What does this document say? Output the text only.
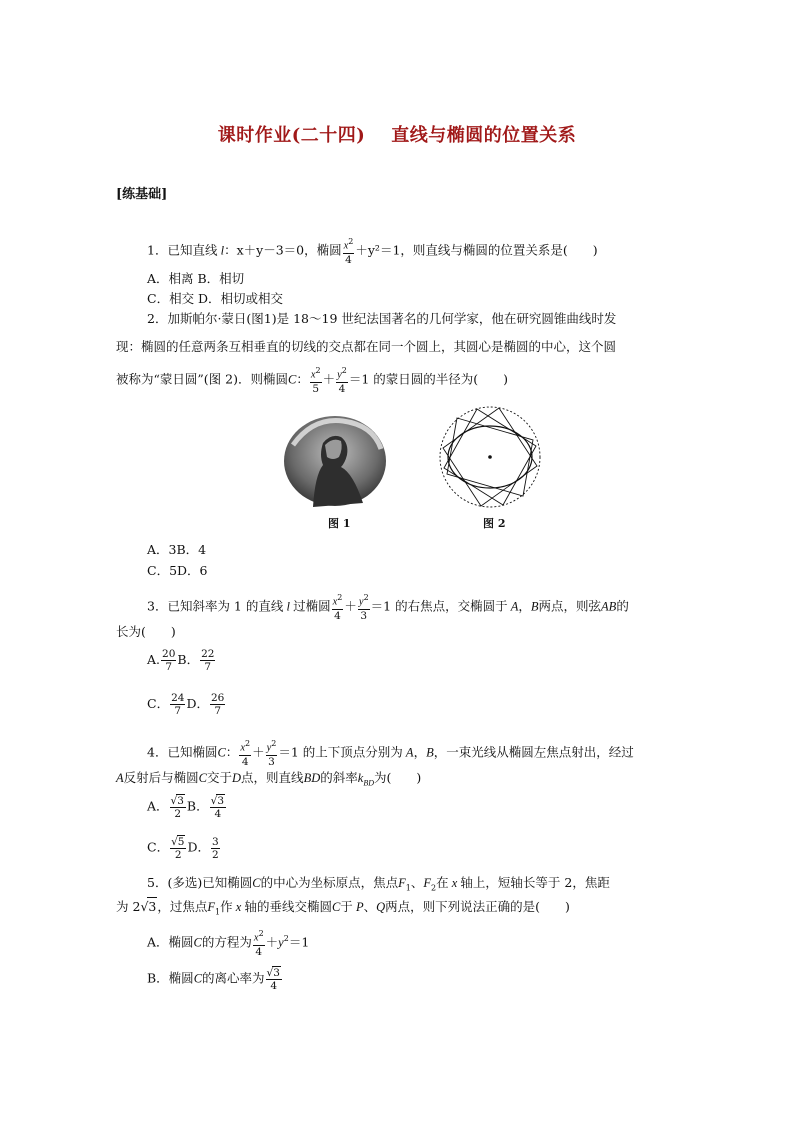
课时作业(二十四) 直线与椭圆的位置关系
[练基础]
1．已知直线 l：x＋y－3＝0，椭圆 $\frac{x^2}{4} +y^2=1$，则直线与椭圆的位置关系是(　　)
A．相离 B．相切
C．相交 D．相切或相交
2．加斯帕尔·蒙日(图1)是 18～19 世纪法国著名的几何学家，他在研究圆锥曲线时发
现：椭圆的任意两条互相垂直的切线的交点都在同一个圆上，其圆心是椭圆的中心，这个圆
被称为“蒙日圆”(图 2)．则椭圆C： $\frac{x^2}{5} + \frac{y^2}{4} =1$ 的蒙日圆的半径为(　　)
图 1	图 2
A．3B．4
C．5D．6
3．已知斜率为 1 的直线 l 过椭圆 $\frac{x^2}{4} + \frac{y^2}{3} =1$ 的右焦点，交椭圆于 A，B两点，则弦AB的
长为(　　)
A. $\frac{20}{7}$ B． $\frac{22}{7}$
C． $\frac{24}{7}$ D． $\frac{26}{7}$
4．已知椭圆C： $\frac{x^2}{4} + \frac{y^2}{3} =1$ 的上下顶点分别为 A，B，一束光线从椭圆左焦点射出，经过
A反射后与椭圆C交于D点，则直线BD的斜率$k_{BD}$为(　　)
A． $\frac{√3}{2}$ B． $\frac{√3}{4}$
C． $\frac{√5}{2}$ D． $\frac{3}{2}$
5．(多选)已知椭圆C的中心为坐标原点，焦点$F_1$、$F_2$在 x 轴上，短轴长等于 2，焦距
为 2√3，过焦点$F_1$作 x 轴的垂线交椭圆C于 P、Q两点，则下列说法正确的是(　　)
A．椭圆C的方程为 $\frac{x^2}{4} +y^2=1$
B．椭圆C的离心率为 $\frac{√3}{4}$
